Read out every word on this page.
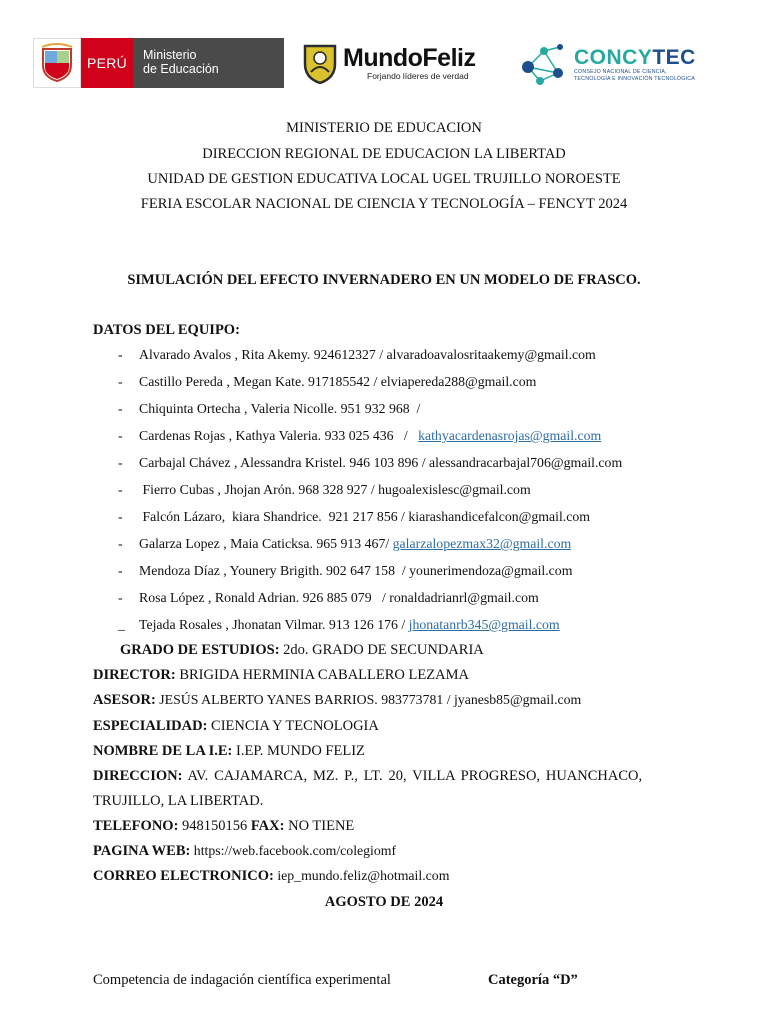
PERÚ	Ministerio
de Educación	MundoFeliz
Forjando líderes de verdad
CONCYTEC
CONSEJO NACIONAL DE CIENCIA,
TECNOLOGÍA E INNOVACIÓN TECNOLÓGICA
MINISTERIO DE EDUCACION
DIRECCION REGIONAL DE EDUCACION LA LIBERTAD
UNIDAD DE GESTION EDUCATIVA LOCAL UGEL TRUJILLO NOROESTE
FERIA ESCOLAR NACIONAL DE CIENCIA Y TECNOLOGÍA – FENCYT 2024
SIMULACIÓN DEL EFECTO INVERNADERO EN UN MODELO DE FRASCO.
DATOS DEL EQUIPO:
- Alvarado Avalos , Rita Akemy. 924612327 / alvaradoavalosritaakemy@gmail.com
- Castillo Pereda , Megan Kate. 917185542 / elviapereda288@gmail.com
- Chiquinta Ortecha , Valeria Nicolle. 951 932 968  /
- Cardenas Rojas , Kathya Valeria. 933 025 436   /   kathyacardenasrojas@gmail.com
- Carbajal Chávez , Alessandra Kristel. 946 103 896 / alessandracarbajal706@gmail.com
- Fierro Cubas , Jhojan Arón. 968 328 927 / hugoalexislesc@gmail.com
- Falcón Lázaro,  kiara Shandrice.  921 217 856 / kiarashandicefalcon@gmail.com
- Galarza Lopez , Maia Caticksa. 965 913 467/ galarzalopezmax32@gmail.com
- Mendoza Díaz , Younery Brigith. 902 647 158  / younerimendoza@gmail.com
- Rosa López , Ronald Adrian. 926 885 079   / ronaldadrianrl@gmail.com
_ Tejada Rosales , Jhonatan Vilmar. 913 126 176 / jhonatanrb345@gmail.com
GRADO DE ESTUDIOS: 2do. GRADO DE SECUNDARIA
DIRECTOR: BRIGIDA HERMINIA CABALLERO LEZAMA
ASESOR: JESÚS ALBERTO YANES BARRIOS. 983773781 / jyanesb85@gmail.com
ESPECIALIDAD: CIENCIA Y TECNOLOGIA
NOMBRE DE LA I.E: I.EP. MUNDO FELIZ
DIRECCION: AV. CAJAMARCA, MZ. P., LT. 20, VILLA PROGRESO, HUANCHACO,
TRUJILLO, LA LIBERTAD.
TELEFONO: 948150156 FAX: NO TIENE
PAGINA WEB: https://web.facebook.com/colegiomf
CORREO ELECTRONICO: iep_mundo.feliz@hotmail.com
AGOSTO DE 2024
Competencia de indagación científica experimental	Categoría “D”
